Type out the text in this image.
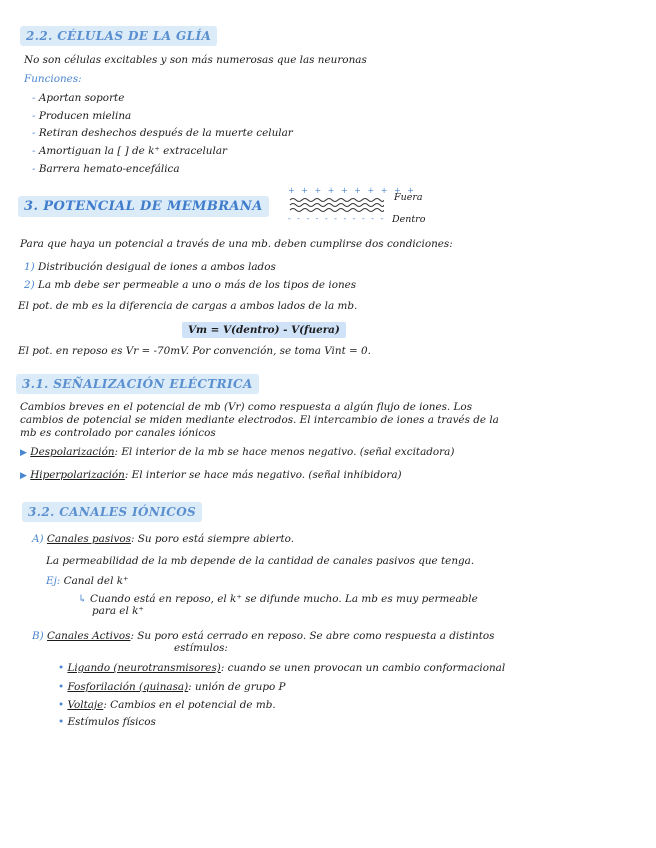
2.2. CÉLULAS DE LA GLÍA
No son células excitables y son más numerosas que las neuronas
Funciones:
- Aportan soporte
- Producen mielina
- Retiran deshechos después de la muerte celular
- Amortiguan la [ ] de k⁺ extracelular
- Barrera hemato-encefálica
3. POTENCIAL DE MEMBRANA
+ + + + + + + + + +
- - - - - - - - - - -
Fuera
Dentro
Para que haya un potencial a través de una mb. deben cumplirse dos condiciones:
1) Distribución desigual de iones a ambos lados
2) La mb debe ser permeable a uno o más de los tipos de iones
El pot. de mb es la diferencia de cargas a ambos lados de la mb.
Vm = V(dentro) - V(fuera)
El pot. en reposo es Vr = -70mV. Por convención, se toma Vint = 0.
3.1. SEÑALIZACIÓN ELÉCTRICA
Cambios breves en el potencial de mb (Vr) como respuesta a algún flujo de iones. Los
cambios de potencial se miden mediante electrodos. El intercambio de iones a través de la
mb es controlado por canales iónicos
▶ Despolarización: El interior de la mb se hace menos negativo. (señal excitadora)
▶ Hiperpolarización: El interior se hace más negativo. (señal inhibidora)
3.2. CANALES IÓNICOS
A) Canales pasivos: Su poro está siempre abierto.
La permeabilidad de la mb depende de la cantidad de canales pasivos que tenga.
Ej: Canal del k⁺
↳ Cuando está en reposo, el k⁺ se difunde mucho. La mb es muy permeable
para el k⁺
B) Canales Activos: Su poro está cerrado en reposo. Se abre como respuesta a distintos
estímulos:
• Ligando (neurotransmisores): cuando se unen provocan un cambio conformacional
• Fosforilación (quinasa): unión de grupo P
• Voltaje: Cambios en el potencial de mb.
• Estímulos físicos
